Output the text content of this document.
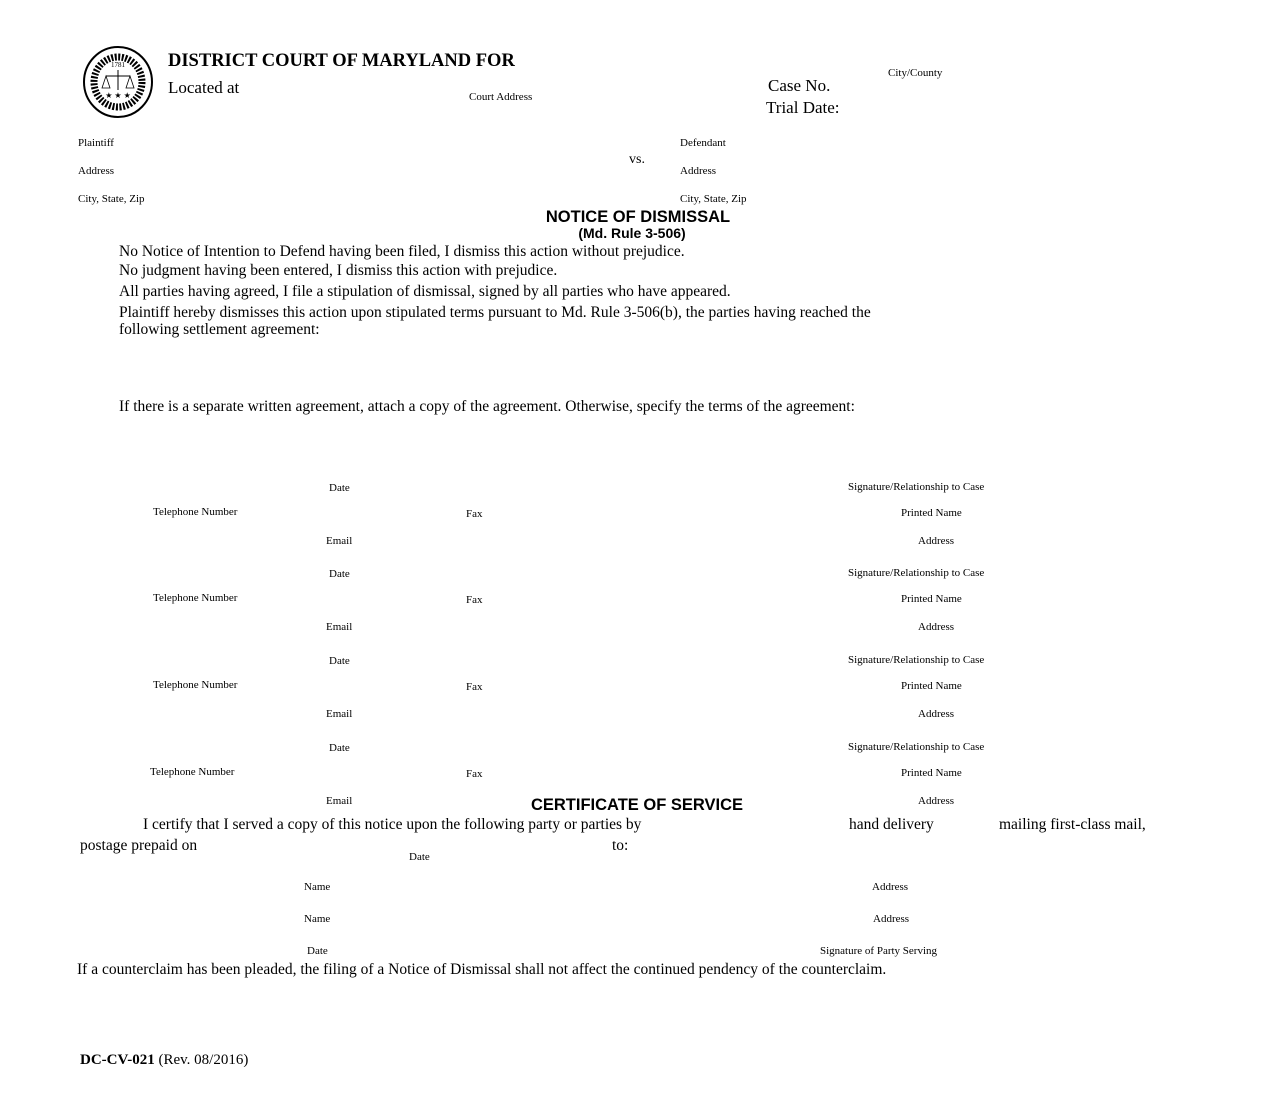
★ ★ ★
1781 DISTRICT COURT OF MARYLAND FOR
City/County
Located at	Court Address
Case No.
Trial Date:
Plaintiff
Address
City, State, Zip
vs.
Defendant
Address
City, State, Zip
NOTICE OF DISMISSAL
(Md. Rule 3-506)
No Notice of Intention to Defend having been filed, I dismiss this action without prejudice.
No judgment having been entered, I dismiss this action with prejudice.
All parties having agreed, I file a stipulation of dismissal, signed by all parties who have appeared.
Plaintiff hereby dismisses this action upon stipulated terms pursuant to Md. Rule 3-506(b), the parties having reached the
following settlement agreement:
If there is a separate written agreement, attach a copy of the agreement. Otherwise, specify the terms of the agreement:
Date	Signature/Relationship to Case
Telephone Number	Fax	Printed Name
Email	Address
Date	Signature/Relationship to Case
Telephone Number	Fax	Printed Name
Email	Address
Date	Signature/Relationship to Case
Telephone Number	Fax	Printed Name
Email	Address
Date	Signature/Relationship to Case
Telephone Number	Fax	Printed Name
Email	Address
CERTIFICATE OF SERVICE
I certify that I served a copy of this notice upon the following party or parties by	hand delivery	mailing first-class mail,
postage prepaid on
Date
to:
Name	Address
Name	Address
Date	Signature of Party Serving
If a counterclaim has been pleaded, the filing of a Notice of Dismissal shall not affect the continued pendency of the counterclaim.
DC-CV-021 (Rev. 08/2016)
